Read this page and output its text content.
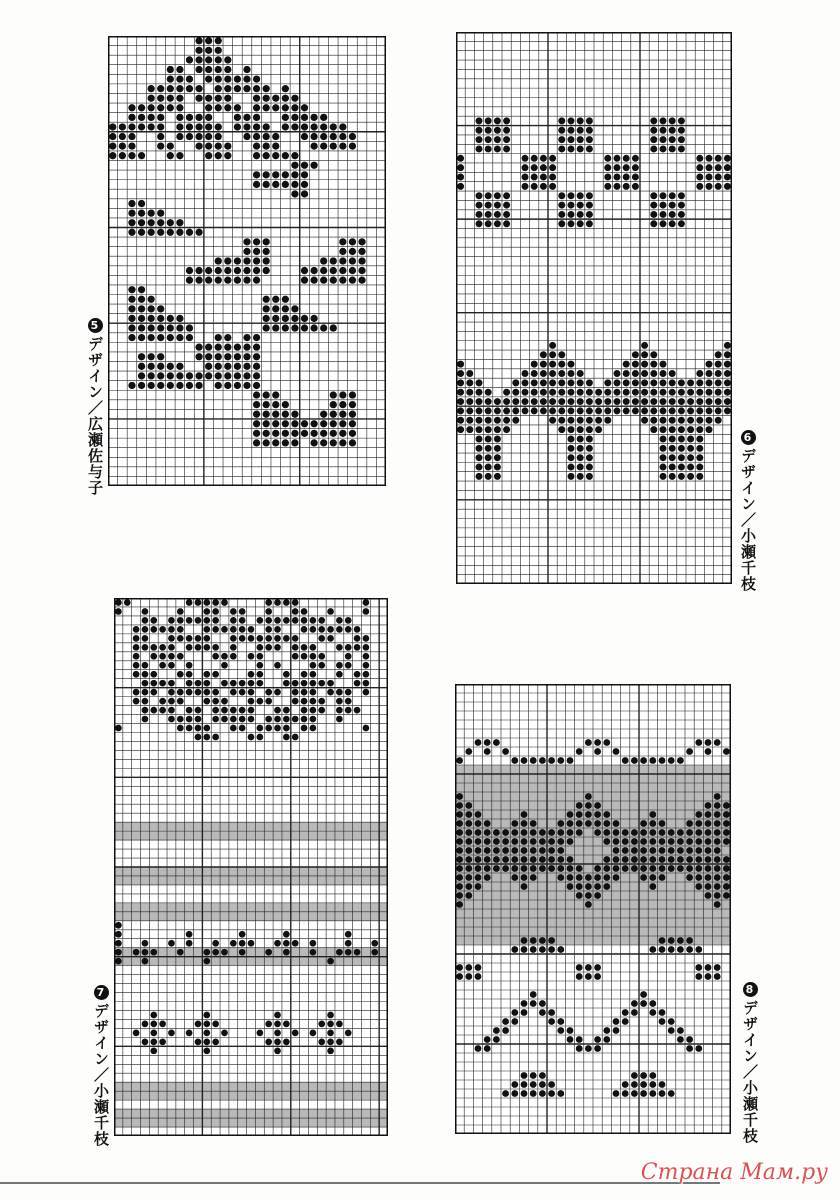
5デザイン／広瀬佐与子	6デザイン／小瀬千枝
7デザイン／小瀬千枝
8デザイン／小瀬千枝
Страна Мам.ру
